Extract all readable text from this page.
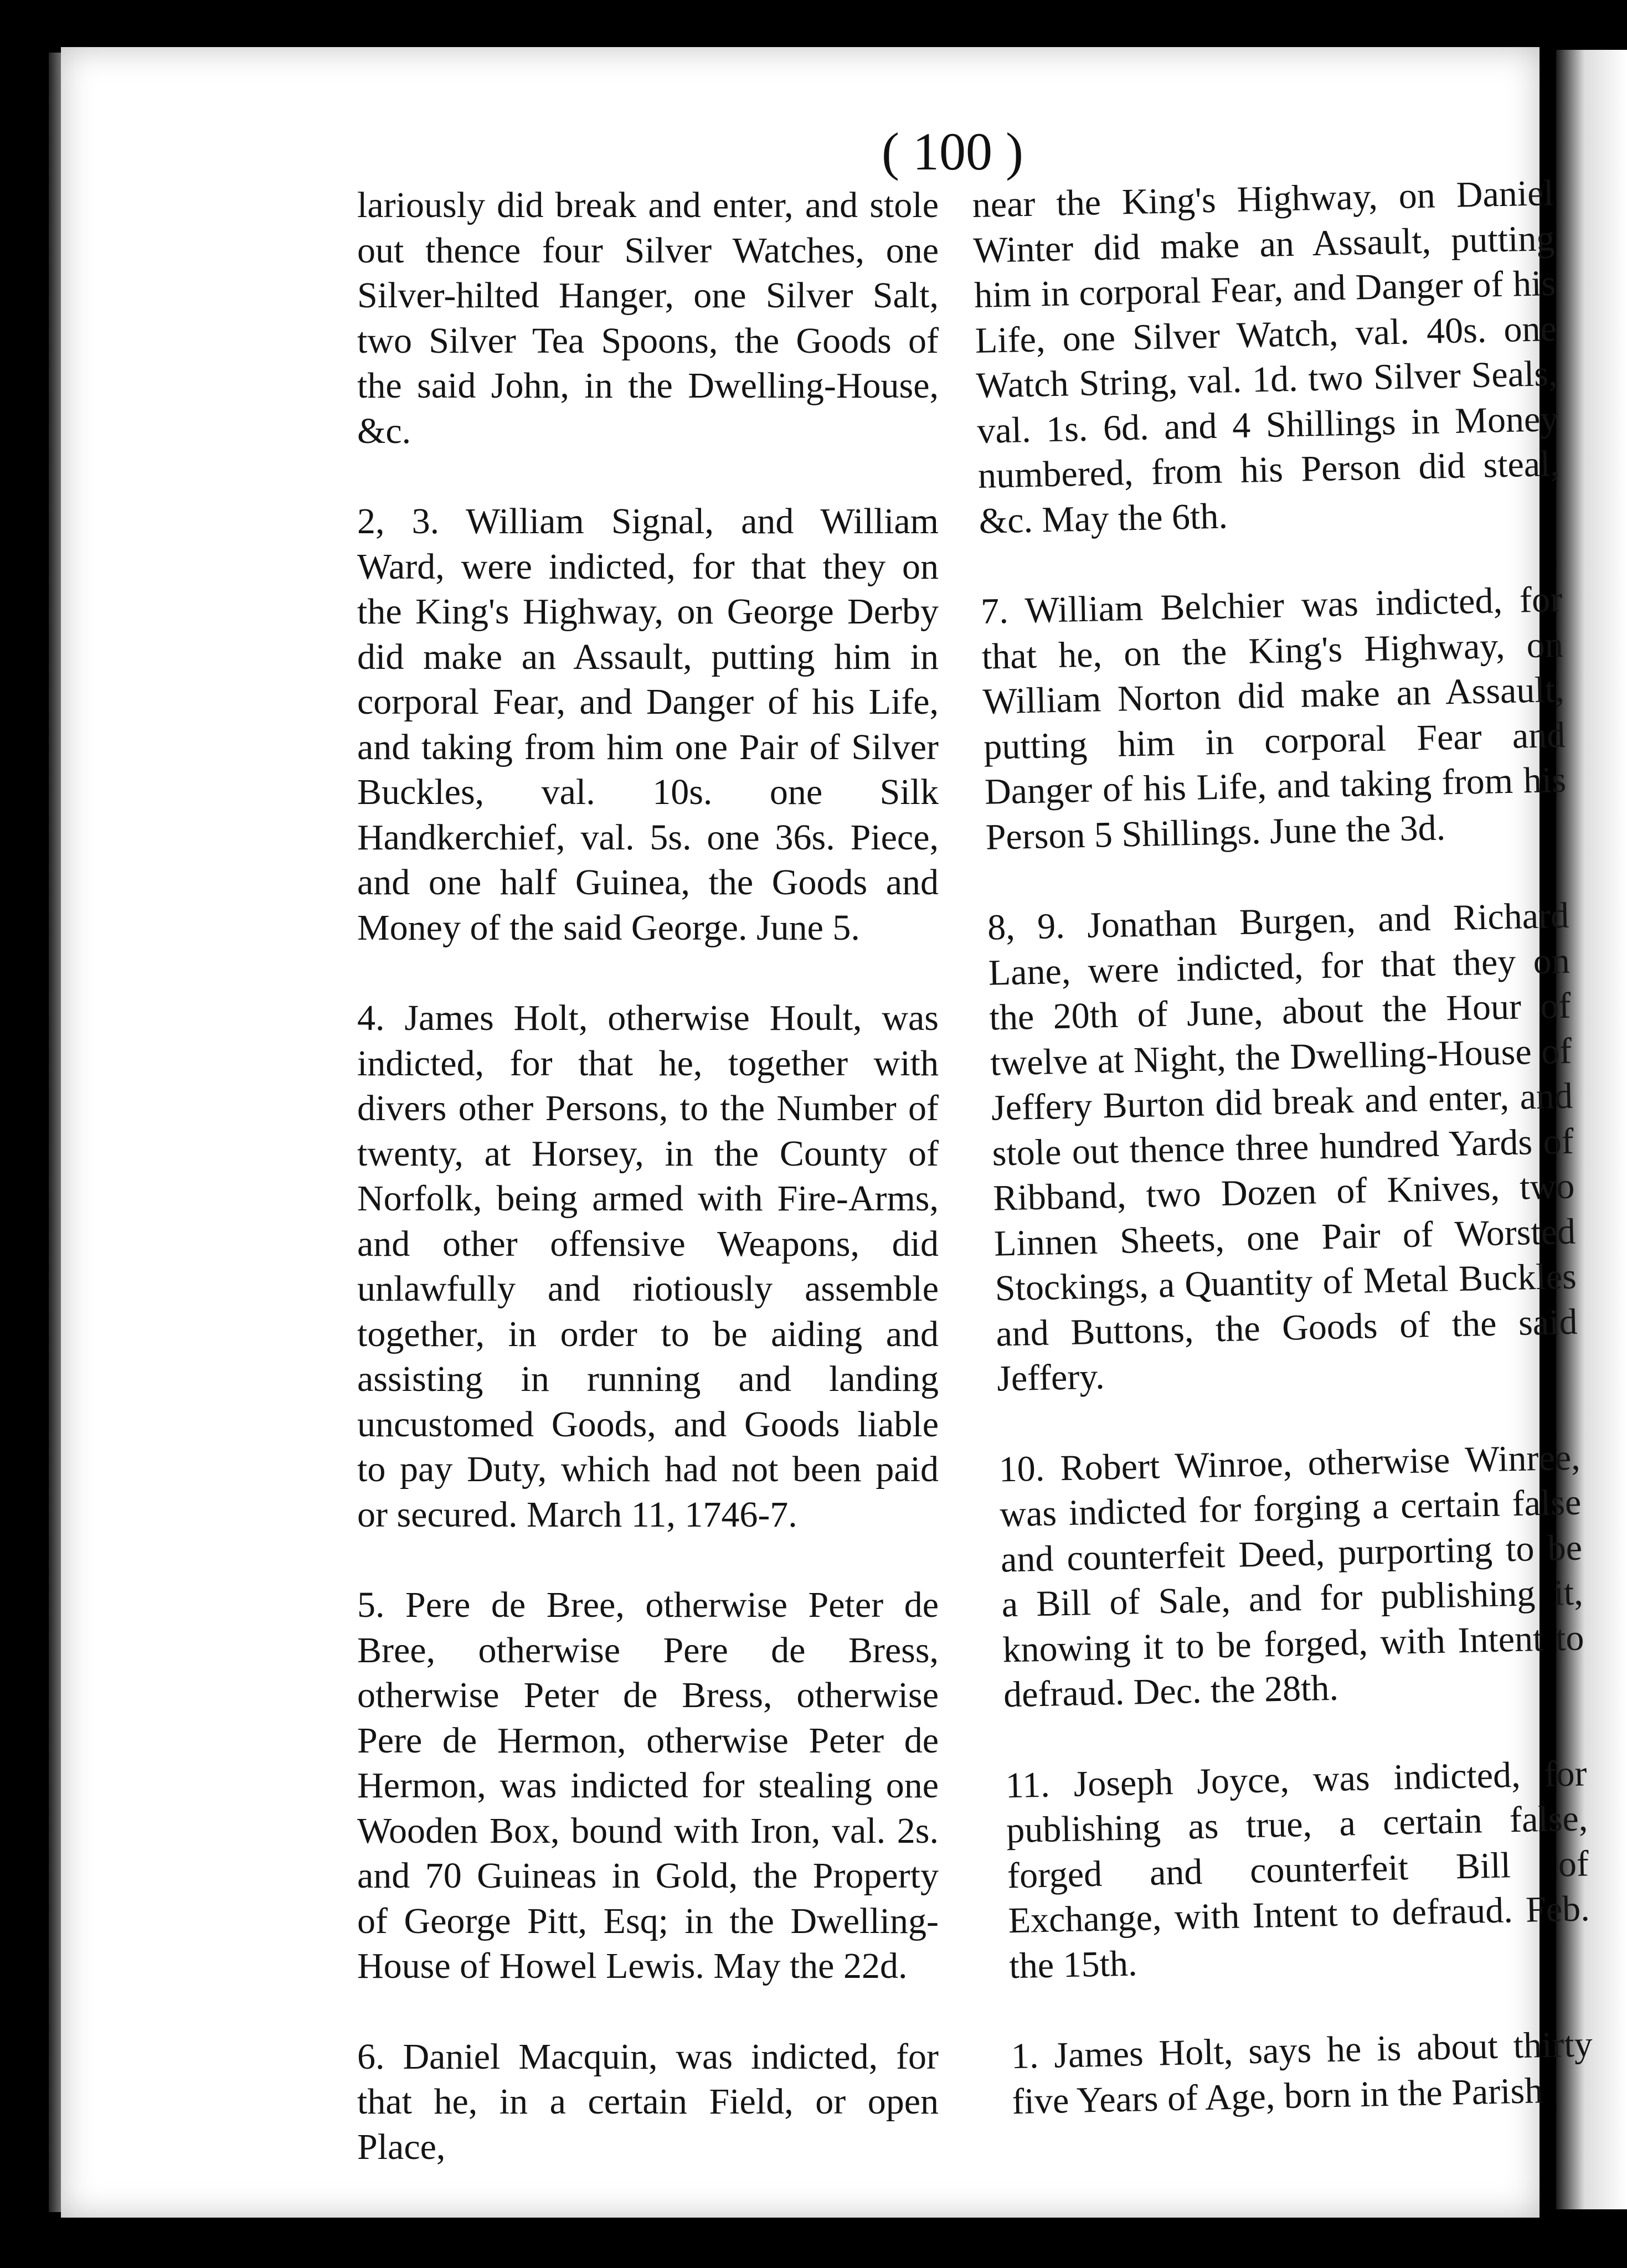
( 100 )

lariously did break and enter, and stole out thence four Silver Watches, one Silver-hilted Hanger, one Silver Salt, two Silver Tea Spoons, the Goods of the said John, in the Dwelling-House, &c.

2, 3. William Signal, and William Ward, were indicted, for that they on the King's Highway, on George Derby did make an Assault, putting him in corporal Fear, and Danger of his Life, and taking from him one Pair of Silver Buckles, val. 10s. one Silk Handkerchief, val. 5s. one 36s. Piece, and one half Guinea, the Goods and Money of the said George. June 5.

4. James Holt, otherwise Hoult, was indicted, for that he, together with divers other Persons, to the Number of twenty, at Horsey, in the County of Norfolk, being armed with Fire-Arms, and other offensive Weapons, did unlawfully and riotiously assemble together, in order to be aiding and assisting in running and landing uncustomed Goods, and Goods liable to pay Duty, which had not been paid or secured. March 11, 1746-7.

5. Pere de Bree, otherwise Peter de Bree, otherwise Pere de Bress, otherwise Peter de Bress, otherwise Pere de Hermon, otherwise Peter de Hermon, was indicted for stealing one Wooden Box, bound with Iron, val. 2s. and 70 Guineas in Gold, the Property of George Pitt, Esq; in the Dwelling-House of Howel Lewis. May the 22d.

6. Daniel Macquin, was indicted, for that he, in a certain Field, or open Place,

near the King's Highway, on Daniel Winter did make an Assault, putting him in corporal Fear, and Danger of his Life, one Silver Watch, val. 40s. one Watch String, val. 1d. two Silver Seals, val. 1s. 6d. and 4 Shillings in Money numbered, from his Person did steal, &c. May the 6th.

7. William Belchier was indicted, for that he, on the King's Highway, on William Norton did make an Assault, putting him in corporal Fear and Danger of his Life, and taking from his Person 5 Shillings. June the 3d.

8, 9. Jonathan Burgen, and Richard Lane, were indicted, for that they on the 20th of June, about the Hour of twelve at Night, the Dwelling-House of Jeffery Burton did break and enter, and stole out thence three hundred Yards of Ribband, two Dozen of Knives, two Linnen Sheets, one Pair of Worsted Stockings, a Quantity of Metal Buckles and Buttons, the Goods of the said Jeffery.

10. Robert Winroe, otherwise Winree, was indicted for forging a certain false and counterfeit Deed, purporting to be a Bill of Sale, and for publishing it, knowing it to be forged, with Intent to defraud. Dec. the 28th.

11. Joseph Joyce, was indicted, for publishing as true, a certain false, forged and counterfeit Bill of Exchange, with Intent to defraud. Feb. the 15th.

1. James Holt, says he is about thirty five Years of Age, born in the Parish
